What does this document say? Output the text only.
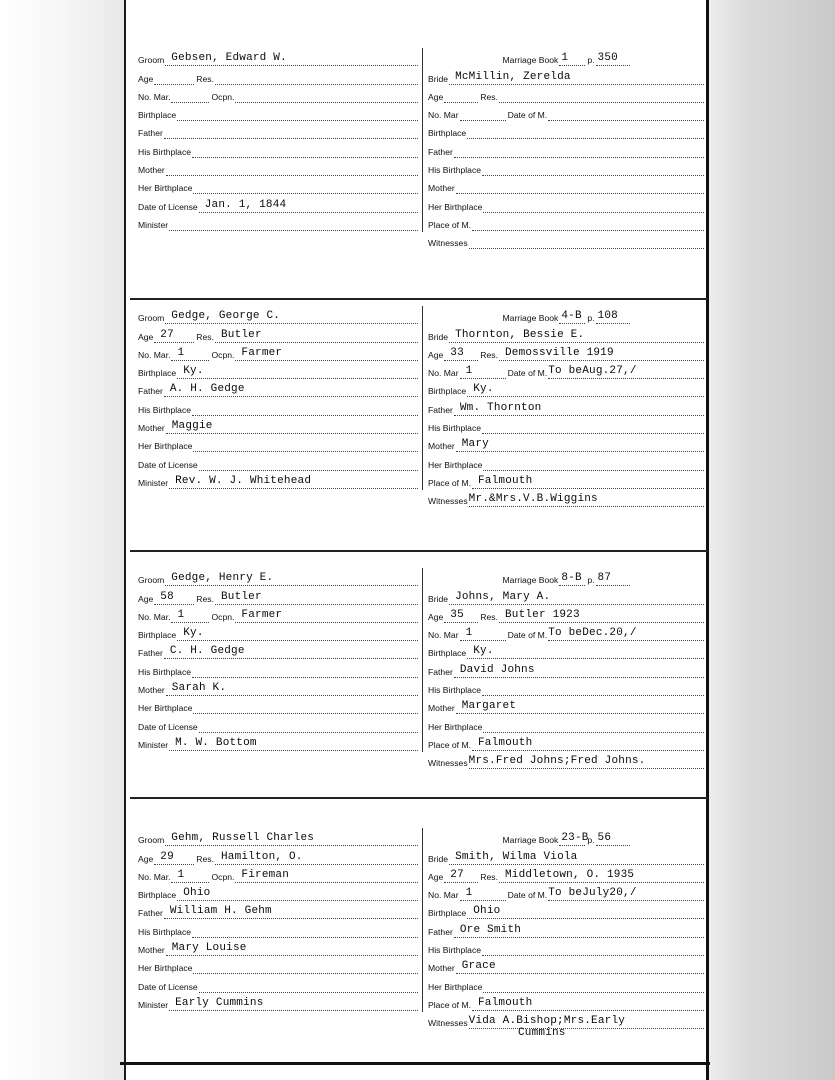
Groom Gebsen, Edward W.
Age	Res.
No. Mar.	Ocpn.
Birthplace
Father
His Birthplace
Mother
Her Birthplace
Date of License Jan. 1, 1844
Minister
Marriage Book 1 p. 350
Bride McMillin, Zerelda
Age	Res.
No. Mar	Date of M.
Birthplace
Father
His Birthplace
Mother
Her Birthplace
Place of M.
Witnesses
Groom Gedge, George C.
Age 27	Res. Butler
No. Mar. 1	Ocpn. Farmer
Birthplace Ky.
Father A. H. Gedge
His Birthplace
Mother Maggie
Her Birthplace
Date of License
Minister Rev. W. J. Whitehead
Marriage Book 4-B p. 108
Bride Thornton, Bessie E.
Age 33 Res. Demossville 1919
No. Mar 1	Date of M. To beAug.27,/
Birthplace Ky.
Father Wm. Thornton
His Birthplace
Mother Mary
Her Birthplace
Place of M. Falmouth
Witnesses Mr.&Mrs.V.B.Wiggins
Groom Gedge, Henry E.
Age 58	Res. Butler
No. Mar. 1	Ocpn. Farmer
Birthplace Ky.
Father C. H. Gedge
His Birthplace
Mother Sarah K.
Her Birthplace
Date of License
Minister M. W. Bottom
Marriage Book 8-B p. 87
Bride Johns, Mary A.
Age 35 Res. Butler 1923
No. Mar 1	Date of M. To beDec.20,/
Birthplace Ky.
Father David Johns
His Birthplace
Mother Margaret
Her Birthplace
Place of M. Falmouth
Witnesses Mrs.Fred Johns;Fred Johns.
Groom Gehm, Russell Charles
Age 29	Res. Hamilton, O.
No. Mar. 1	Ocpn. Fireman
Birthplace Ohio
Father William H. Gehm
His Birthplace
Mother Mary Louise
Her Birthplace
Date of License
Minister Early Cummins
Marriage Book 23-B
p. 56
Bride Smith, Wilma Viola
Age 27 Res. Middletown, O. 1935
No. Mar 1	Date of M. To beJuly20,/
Birthplace Ohio
Father Ore Smith
His Birthplace
Mother Grace
Her Birthplace
Place of M. Falmouth
Witnesses Vida A.Bishop;Mrs.Early
Cummins
